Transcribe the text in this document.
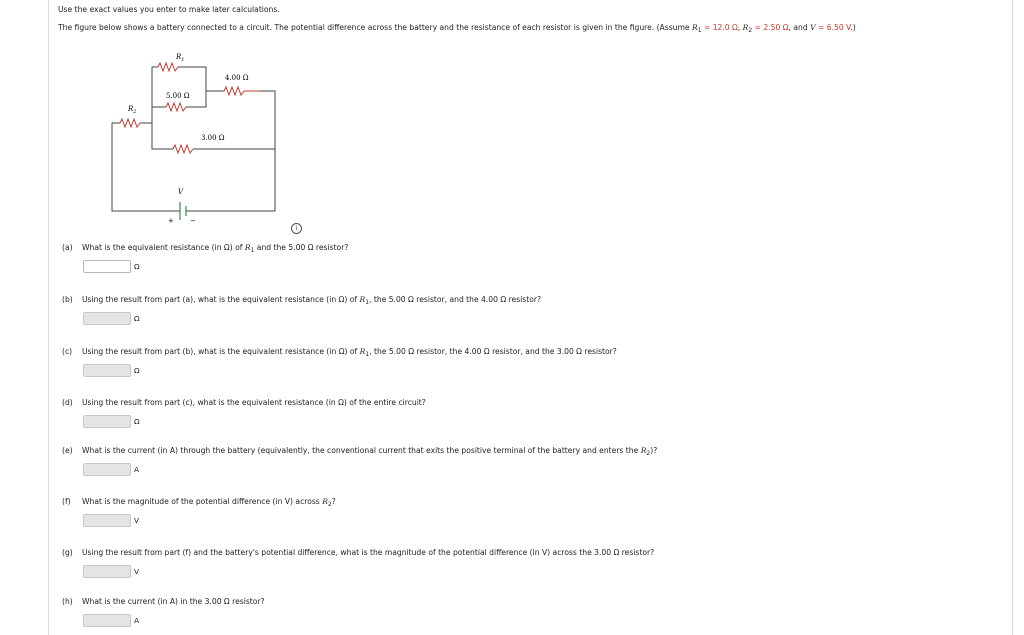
Use the exact values you enter to make later calculations.
The figure below shows a battery connected to a circuit. The potential difference across the battery and the resistance of each resistor is given in the figure. (Assume $R_1 = 12.0$ Ω, $R_2 = 2.50$ Ω, and V = 6.50 V.)
$R_1$
$R_2$
4.00 Ω
5.00 Ω
3.00 Ω
V
+ −
i
(a) What is the equivalent resistance (in Ω) of $R_1$ and the 5.00 Ω resistor?
Ω
(b) Using the result from part (a), what is the equivalent resistance (in Ω) of $R_1$, the 5.00 Ω resistor, and the 4.00 Ω resistor?
Ω
(c) Using the result from part (b), what is the equivalent resistance (in Ω) of $R_1$, the 5.00 Ω resistor, the 4.00 Ω resistor, and the 3.00 Ω resistor?
Ω
(d) Using the result from part (c), what is the equivalent resistance (in Ω) of the entire circuit?
Ω
(e) What is the current (in A) through the battery (equivalently, the conventional current that exits the positive terminal of the battery and enters the $R_2$)?
A
(f) What is the magnitude of the potential difference (in V) across $R_2$?
V
(g) Using the result from part (f) and the battery's potential difference, what is the magnitude of the potential difference (in V) across the 3.00 Ω resistor?
V
(h) What is the current (in A) in the 3.00 Ω resistor?
A
